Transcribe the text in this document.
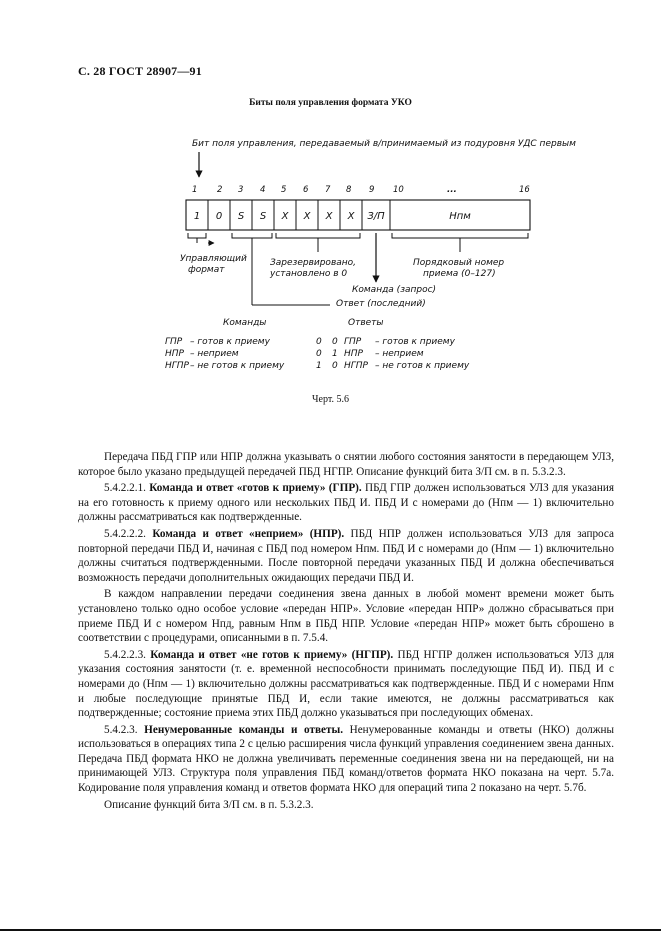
С. 28 ГОСТ 28907—91
Биты поля управления формата УКО
Бит поля управления, передаваемый в/принимаемый из подуровня УДС первым
1 2 3 4 5 6 7 8 9 10	...	16
1 0 S S X X X X З/П	Нпм
Управляющий
формат
Зарезервировано,
установлено в 0
Порядковый номер
приема (0–127)
Команда (запрос)
Ответ (последний)
Команды	Ответы
ГПР – готов к приему
НПР – неприем
НГПР – не готов к приему
0 0 ГПР – готов к приему
0 1 НПР – неприем
1 0 НГПР – не готов к приему
Черт. 5.6

Передача ПБД ГПР или НПР должна указывать о снятии любого состояния занятости в передающем УЛЗ, которое было указано предыдущей передачей ПБД НГПР. Описание функций бита З/П см. в п. 5.3.2.3.

5.4.2.2.1. Команда и ответ «готов к приему» (ГПР). ПБД ГПР должен использоваться УЛЗ для указания на его готовность к приему одного или нескольких ПБД И. ПБД И с номерами до (Нпм — 1) включительно должны рассматриваться как подтвержденные.

5.4.2.2.2. Команда и ответ «неприем» (НПР). ПБД НПР должен использоваться УЛЗ для запроса повторной передачи ПБД И, начиная с ПБД под номером Нпм. ПБД И с номерами до (Нпм — 1) включительно должны считаться подтвержденными. После повторной передачи указанных ПБД И должна обеспечиваться возможность передачи дополнительных ожидающих передачи ПБД И.

В каждом направлении передачи соединения звена данных в любой момент времени может быть установлено только одно особое условие «передан НПР». Условие «передан НПР» должно сбрасываться при приеме ПБД И с номером Нпд, равным Нпм в ПБД НПР. Условие «передан НПР» может быть сброшено в соответствии с процедурами, описанными в п. 7.5.4.

5.4.2.2.3. Команда и ответ «не готов к приему» (НГПР). ПБД НГПР должен использоваться УЛЗ для указания состояния занятости (т. е. временной неспособности принимать последующие ПБД И). ПБД И с номерами до (Нпм — 1) включительно должны рассматриваться как подтвержденные. ПБД И с номерами Нпм и любые последующие принятые ПБД И, если такие имеются, не должны рассматриваться как подтвержденные; состояние приема этих ПБД должно указываться при последующих обменах.

5.4.2.3. Ненумерованные команды и ответы. Ненумерованные команды и ответы (НКО) должны использоваться в операциях типа 2 с целью расширения числа функций управления соединением звена данных. Передача ПБД формата НКО не должна увеличивать переменные соединения звена ни на передающей, ни на принимающей УЛЗ. Структура поля управления ПБД команд/ответов формата НКО показана на черт. 5.7а. Кодирование поля управления команд и ответов формата НКО для операций типа 2 показано на черт. 5.7б.

Описание функций бита З/П см. в п. 5.3.2.3.
